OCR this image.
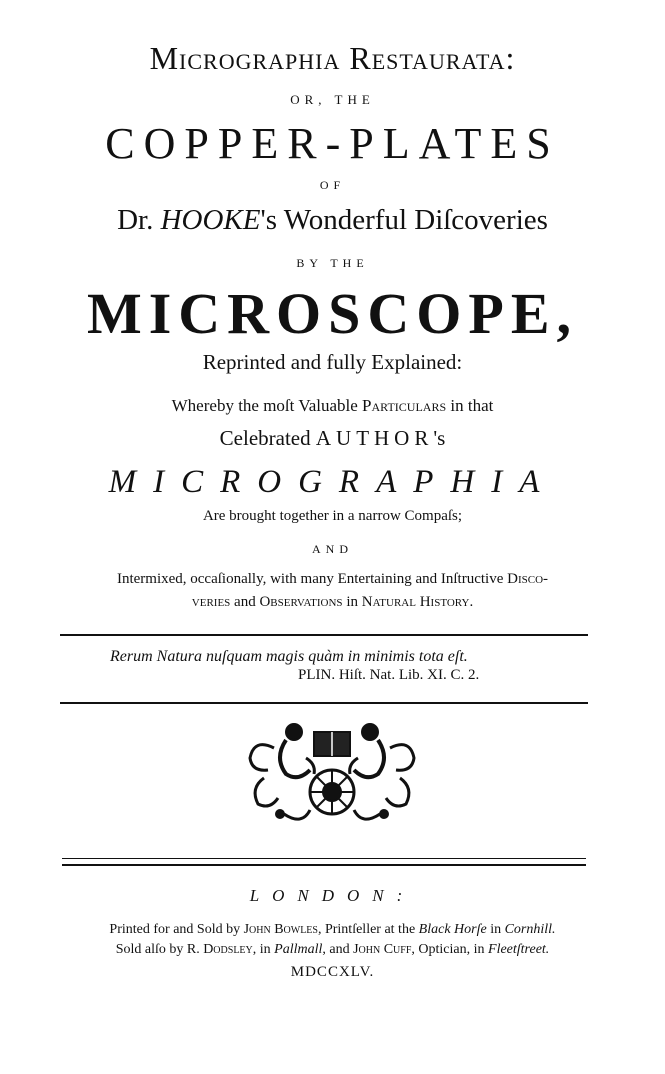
Micrographia Restaurata:
OR, THE
COPPER-PLATES
OF
Dr. HOOKE's Wonderful Diſcoveries
BY THE
MICROSCOPE,
Reprinted and fully Explained:
Whereby the moſt Valuable Particulars in that
Celebrated AUTHOR's
MICROGRAPHIA
Are brought together in a narrow Compaſs;
AND
Intermixed, occaſionally, with many Entertaining and Inſtructive Disco-
veries and Observations in Natural History.
Rerum Natura nuſquam magis quàm in minimis tota eſt.
PLIN. Hiſt. Nat. Lib. XI. C. 2.
LONDON:
Printed for and Sold by John Bowles, Printſeller at the Black Horſe in Cornhill.
Sold alſo by R. Dodsley, in Pallmall, and John Cuff, Optician, in Fleetſtreet.
MDCCXLV.
